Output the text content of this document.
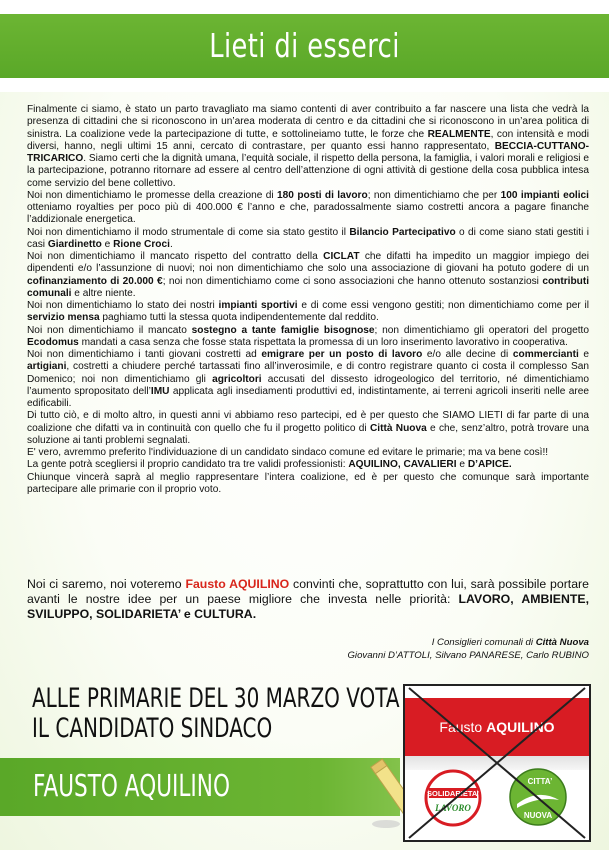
Lieti di esserci

Finalmente ci siamo, è stato un parto travagliato ma siamo contenti di aver contribuito a far nascere una lista che vedrà la presenza di cittadini che si riconoscono in un’area moderata di centro e da cittadini che si riconoscono in un’area politica di sinistra. La coalizione vede la partecipazione di tutte, e sottolineiamo tutte, le forze che REALMENTE, con intensità e modi diversi, hanno, negli ultimi 15 anni, cercato di contrastare, per quanto essi hanno rappresentato, BECCIA-CUTTANO-TRICARICO. Siamo certi che la dignità umana, l’equità sociale, il rispetto della persona, la famiglia, i valori morali e religiosi e la partecipazione, potranno ritornare ad essere al centro dell’attenzione di ogni attività di gestione della cosa pubblica intesa come servizio del bene collettivo.

Noi non dimentichiamo le promesse della creazione di 180 posti di lavoro; non dimentichiamo che per 100 impianti eolici otteniamo royalties per poco più di 400.000 € l’anno e che, paradossalmente siamo costretti ancora a pagare finanche l’addizionale energetica.

Noi non dimentichiamo il modo strumentale di come sia stato gestito il Bilancio Partecipativo o di come siano stati gestiti i casi Giardinetto e Rione Croci.

Noi non dimentichiamo il mancato rispetto del contratto della CICLAT che difatti ha impedito un maggior impiego dei dipendenti e/o l’assunzione di nuovi; noi non dimentichiamo che solo una associazione di giovani ha potuto godere di un cofinanziamento di 20.000 €; noi non dimentichiamo come ci sono associazioni che hanno ottenuto sostanziosi contributi comunali e altre niente.

Noi non dimentichiamo lo stato dei nostri impianti sportivi e di come essi vengono gestiti; non dimentichiamo come per il servizio mensa paghiamo tutti la stessa quota indipendentemente dal reddito.

Noi non dimentichiamo il mancato sostegno a tante famiglie bisognose; non dimentichiamo gli operatori del progetto Ecodomus mandati a casa senza che fosse stata rispettata la promessa di un loro inserimento lavorativo in cooperativa.

Noi non dimentichiamo i tanti giovani costretti ad emigrare per un posto di lavoro e/o alle decine di commercianti e artigiani, costretti a chiudere perché tartassati fino all’inverosimile, e di contro registrare quanto ci costa il complesso San Domenico; noi non dimentichiamo gli agricoltori accusati del dissesto idrogeologico del territorio, né dimentichiamo l’aumento spropositato dell’IMU applicata agli insediamenti produttivi ed, indistintamente, ai terreni agricoli inseriti nelle aree edificabili.

Di tutto ciò, e di molto altro, in questi anni vi abbiamo reso partecipi, ed è per questo che SIAMO LIETI di far parte di una coalizione che difatti va in continuità con quello che fu il progetto politico di Città Nuova e che, senz’altro, potrà trovare una soluzione ai tanti problemi segnalati.

E' vero, avremmo preferito l'individuazione di un candidato sindaco comune ed evitare le primarie; ma va bene così!!

La gente potrà scegliersi il proprio candidato tra tre validi professionisti: AQUILINO, CAVALIERI e D’APICE.

Chiunque vincerà saprà al meglio rappresentare l’intera coalizione, ed è per questo che comunque sarà importante partecipare alle primarie con il proprio voto.

Noi ci saremo, noi voteremo Fausto AQUILINO convinti che, soprattutto con lui, sarà possibile portare avanti le nostre idee per un paese migliore che investa nelle priorità: LAVORO, AMBIENTE, SVILUPPO, SOLIDARIETA’ e CULTURA.
I Consiglieri comunali di Città Nuova
Giovanni D’ATTOLI, Silvano PANARESE, Carlo RUBINO
ALLE PRIMARIE DEL 30 MARZO VOTA
IL CANDIDATO SINDACO
FAUSTO AQUILINO
Fausto AQUILINO
SOLIDARIETA’
LAVORO
CITTA’
NUOVA
